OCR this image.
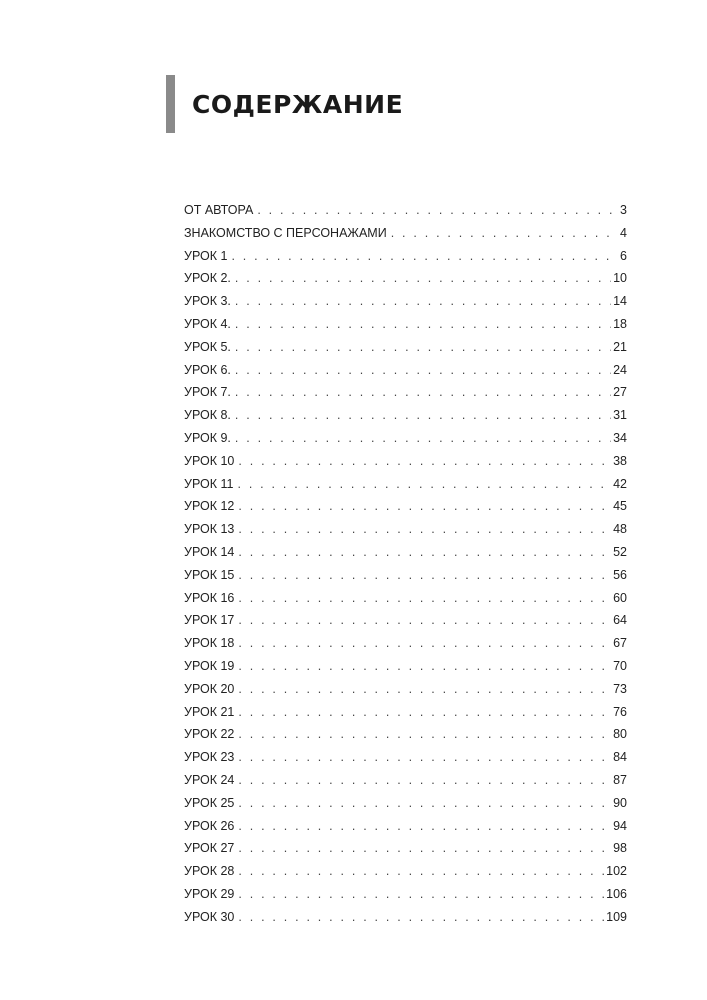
СОДЕРЖАНИЕ
ОТ АВТОРА . . .	3
ЗНАКОМСТВО С ПЕРСОНАЖАМИ . . .	4
УРОК 1 . . .	6
УРОК 2. . . .	10
УРОК 3. . . .	14
УРОК 4. . . .	18
УРОК 5. . . .	21
УРОК 6. . . .	24
УРОК 7. . . .	27
УРОК 8. . . .	31
УРОК 9. . . .	34
УРОК 10 . . .	38
УРОК 11 . . .	42
УРОК 12 . . .	45
УРОК 13 . . .	48
УРОК 14 . . .	52
УРОК 15 . . .	56
УРОК 16 . . .	60
УРОК 17 . . .	64
УРОК 18 . . .	67
УРОК 19 . . .	70
УРОК 20 . . .	73
УРОК 21 . . .	76
УРОК 22 . . .	80
УРОК 23 . . .	84
УРОК 24 . . .	87
УРОК 25 . . .	90
УРОК 26 . . .	94
УРОК 27 . . .	98
УРОК 28 . . .	102
УРОК 29 . . .	106
УРОК 30 . . .	109
